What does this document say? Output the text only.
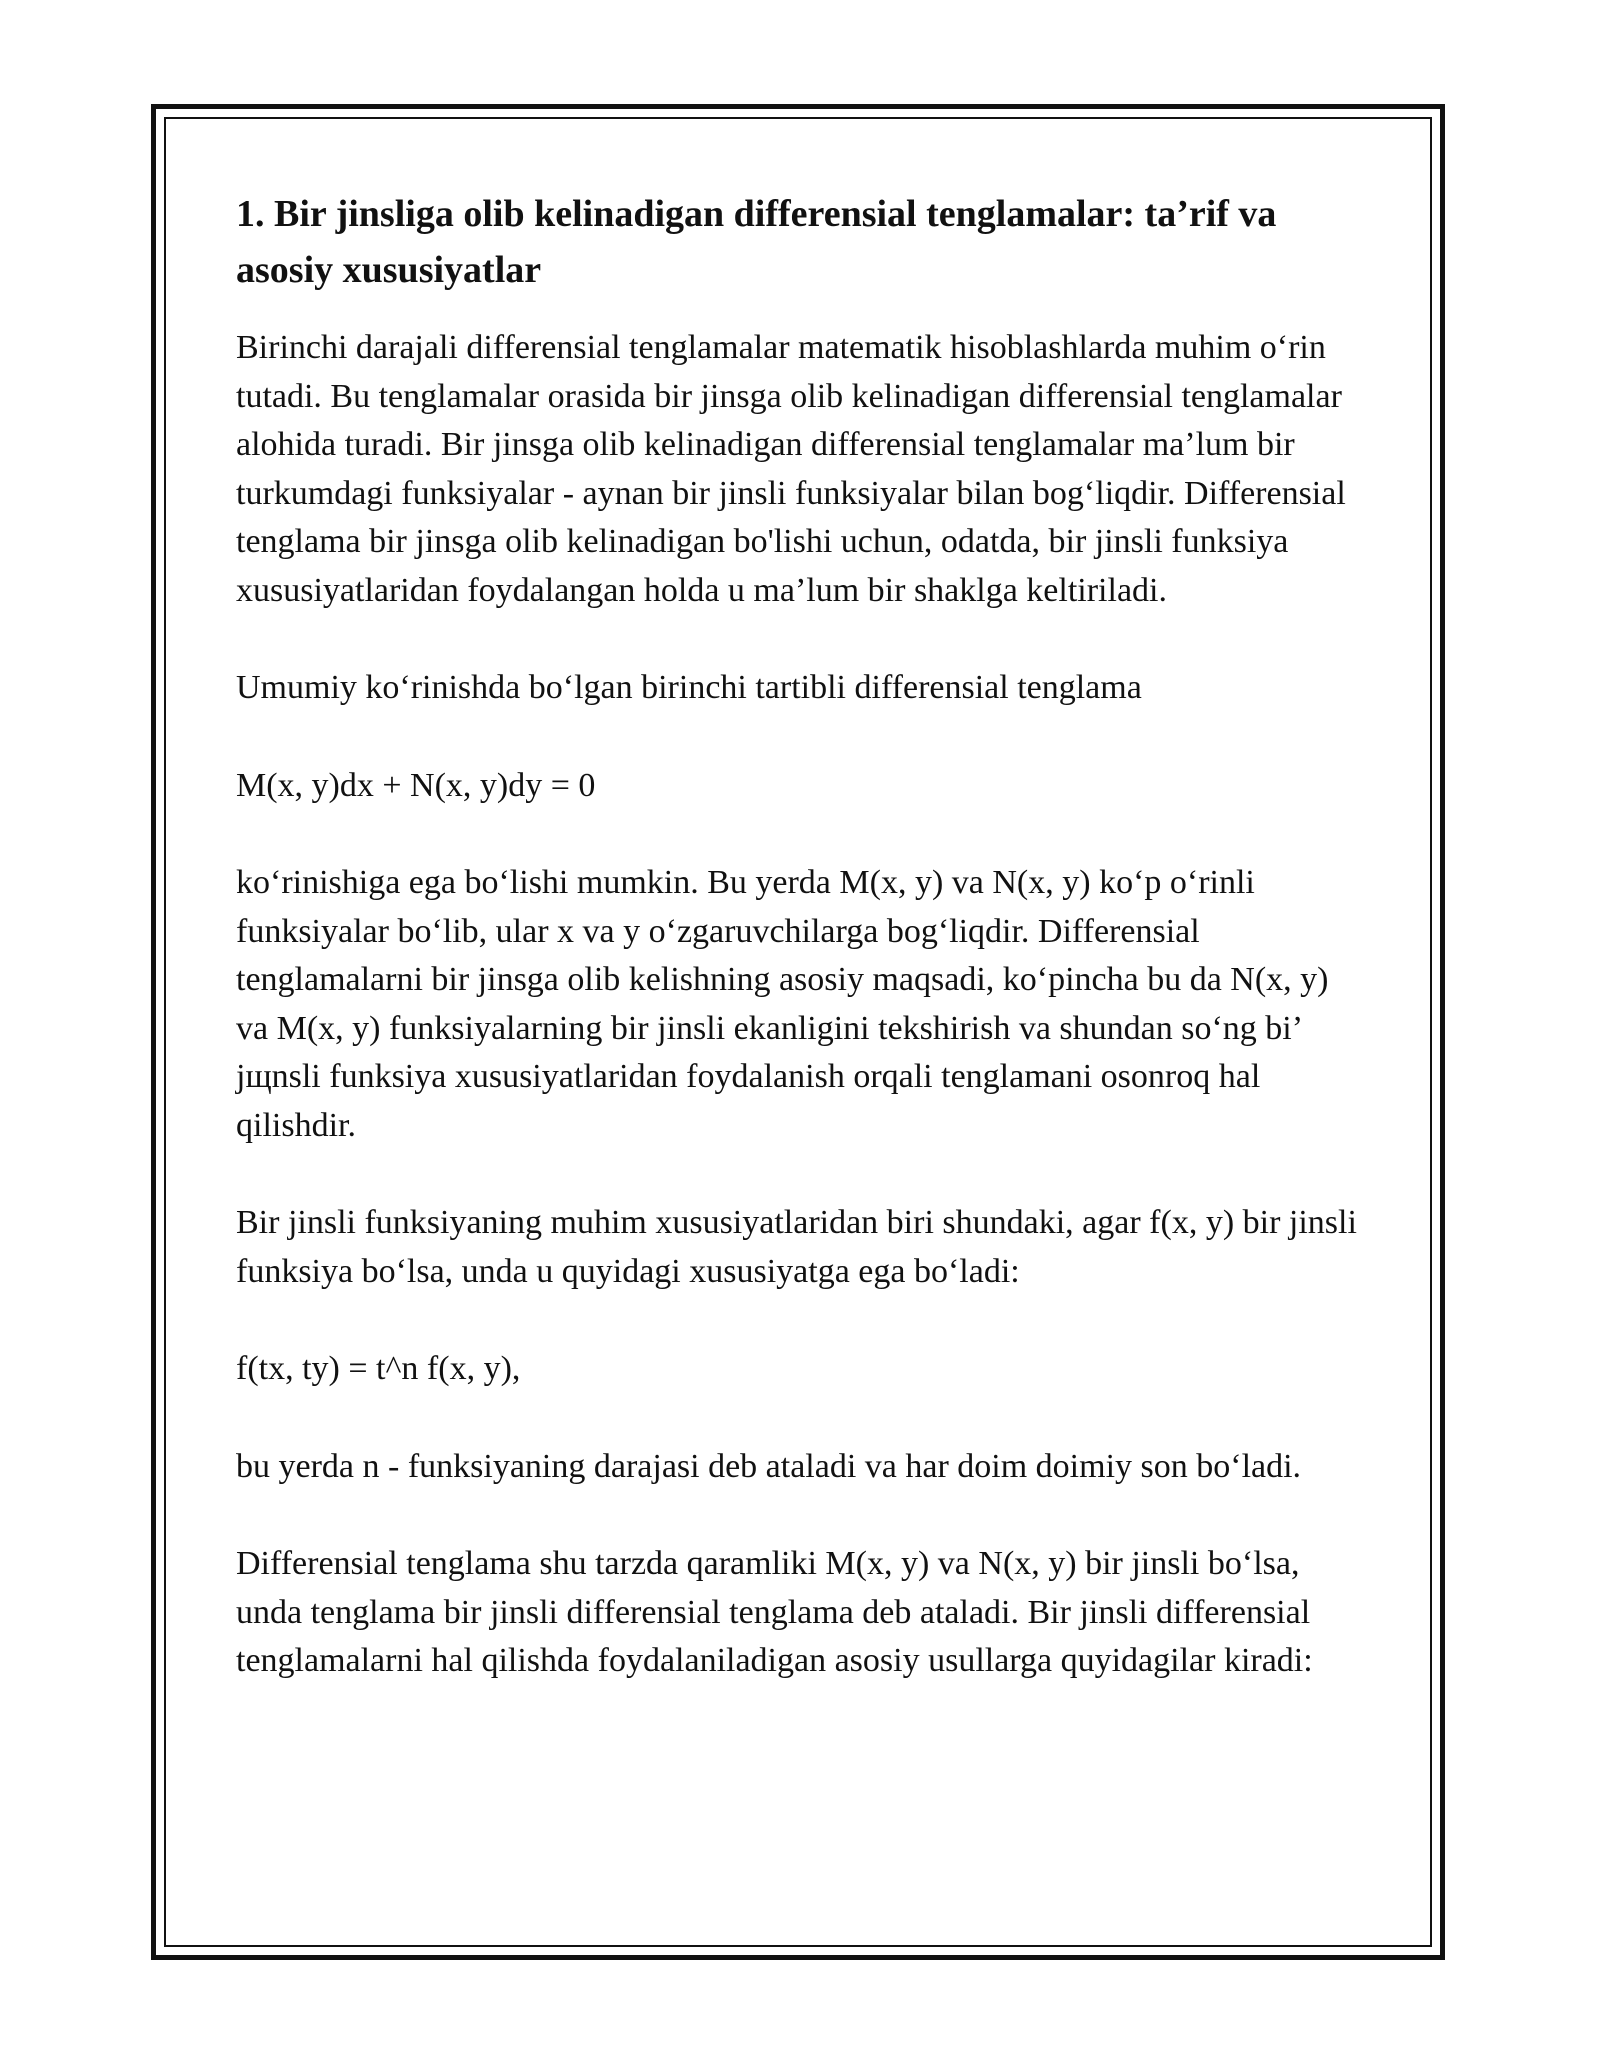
1. Bir jinsliga olib kelinadigan differensial tenglamalar: ta’rif va asosiy xususiyatlar

Birinchi darajali differensial tenglamalar matematik hisoblashlarda muhim o‘rin tutadi. Bu tenglamalar orasida bir jinsga olib kelinadigan differensial tenglamalar alohida turadi. Bir jinsga olib kelinadigan differensial tenglamalar ma’lum bir turkumdagi funksiyalar - aynan bir jinsli funksiyalar bilan bog‘liqdir. Differensial tenglama bir jinsga olib kelinadigan bo'lishi uchun, odatda, bir jinsli funksiya xususiyatlaridan foydalangan holda u ma’lum bir shaklga keltiriladi.

Umumiy ko‘rinishda bo‘lgan birinchi tartibli differensial tenglama

M(x, y)dx + N(x, y)dy = 0

ko‘rinishiga ega bo‘lishi mumkin. Bu yerda M(x, y) va N(x, y) ko‘p o‘rinli funksiyalar bo‘lib, ular x va y o‘zgaruvchilarga bog‘liqdir. Differensial tenglamalarni bir jinsga olib kelishning asosiy maqsadi, ko‘pincha bu da N(x, y) va M(x, y) funksiyalarning bir jinsli ekanligini tekshirish va shundan so‘ng bi’ jщnsli funksiya xususiyatlaridan foydalanish orqali tenglamani osonroq hal qilishdir.

Bir jinsli funksiyaning muhim xususiyatlaridan biri shundaki, agar f(x, y) bir jinsli funksiya bo‘lsa, unda u quyidagi xususiyatga ega bo‘ladi:

f(tx, ty) = t^n f(x, y),

bu yerda n - funksiyaning darajasi deb ataladi va har doim doimiy son bo‘ladi.

Differensial tenglama shu tarzda qaramliki M(x, y) va N(x, y) bir jinsli bo‘lsa, unda tenglama bir jinsli differensial tenglama deb ataladi. Bir jinsli differensial tenglamalarni hal qilishda foydalaniladigan asosiy usullarga quyidagilar kiradi:
